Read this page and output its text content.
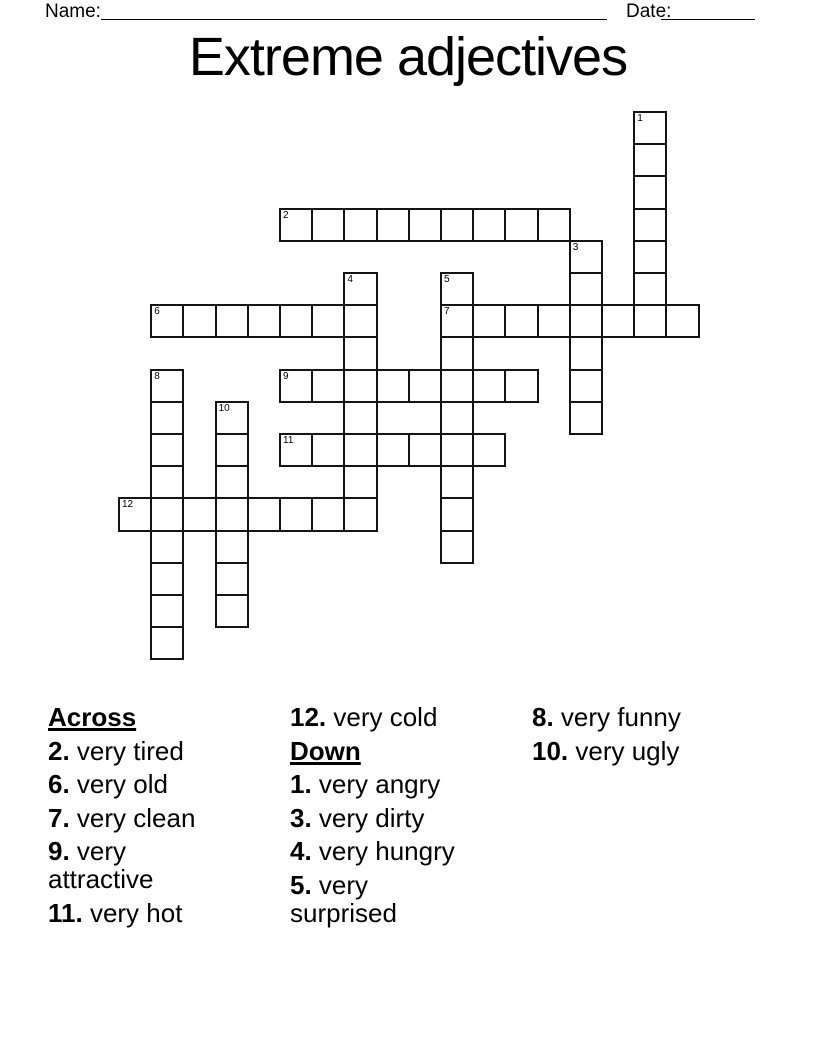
Name:	Date:
Extreme adjectives
1
2
3
4	5
7
6
8	9
10
11
12
Across
2. very tired
6. very old
7. very clean
9. very attractive
11. very hot
12. very cold
Down
1. very angry
3. very dirty
4. very hungry
5. very surprised
8. very funny
10. very ugly
